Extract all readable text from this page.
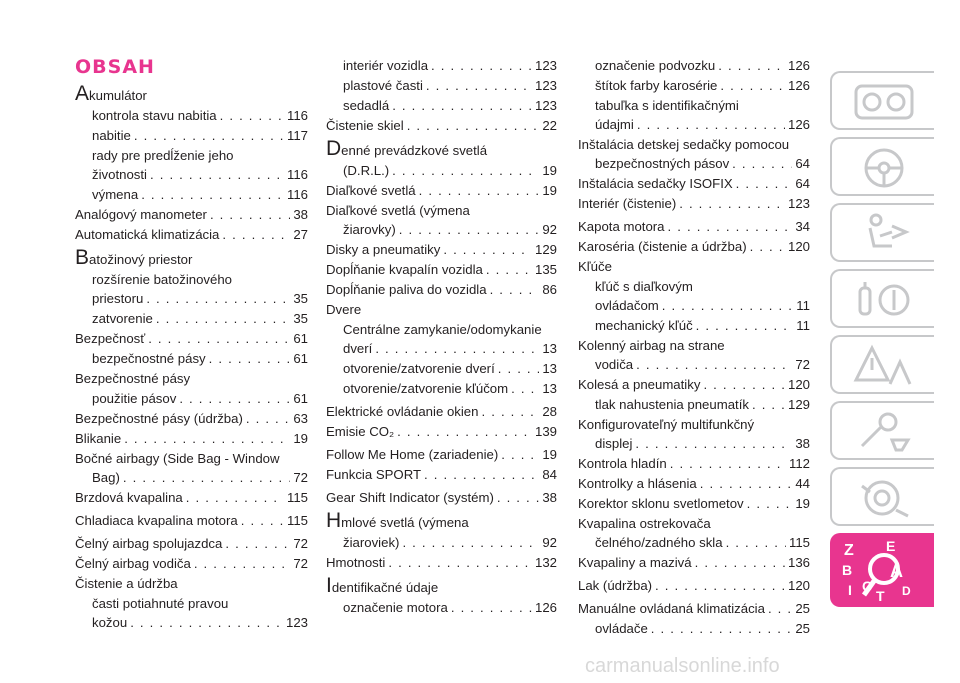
OBSAH
Akumulátor
kontrola stavu nabitia . . .	116
nabitie . . .	117
rady pre predĺženie jeho
životnosti . . .	116
výmena . . .	116
Analógový manometer . . .	38
Automatická klimatizácia . . .	27
Batožinový priestor
rozšírenie batožinového
priestoru . . .	35
zatvorenie . . .	35
Bezpečnosť . . .	61
bezpečnostné pásy . . .	61
Bezpečnostné pásy
použitie pásov . . .	61
Bezpečnostné pásy (údržba) . . .	63
Blikanie . . .	19
Bočné airbagy (Side Bag - Window
Bag) . . .	72
Brzdová kvapalina . . .	115
Chladiaca kvapalina motora . . .	115
Čelný airbag spolujazdca . . .	72
Čelný airbag vodiča . . .	72
Čistenie a údržba
časti potiahnuté pravou
kožou . . .	123
interiér vozidla . . .	123
plastové časti . . .	123
sedadlá . . .	123
Čistenie skiel . . .	22
Denné prevádzkové svetlá
(D.R.L.) . . .	19
Diaľkové svetlá . . .	19
Diaľkové svetlá (výmena
žiarovky) . . .	92
Disky a pneumatiky . . .	129
Dopĺňanie kvapalín vozidla . . .	135
Dopĺňanie paliva do vozidla . . .	86
Dvere
Centrálne zamykanie/odomykanie
dverí . . .	13
otvorenie/zatvorenie dverí . . .	13
otvorenie/zatvorenie kľúčom . . .	13
Elektrické ovládanie okien . . .	28
Emisie CO₂ . . .	139
Follow Me Home (zariadenie) . . .	19
Funkcia SPORT . . .	84
Gear Shift Indicator (systém) . . .	38
Hmlové svetlá (výmena
žiaroviek) . . .	92
Hmotnosti . . .	132
Identifikačné údaje
označenie motora . . .	126
označenie podvozku . . .	126
štítok farby karosérie . . .	126
tabuľka s identifikačnými
údajmi . . .	126
Inštalácia detskej sedačky pomocou
bezpečnostných pásov . . .	64
Inštalácia sedačky ISOFIX . . .	64
Interiér (čistenie) . . .	123
Kapota motora . . .	34
Karoséria (čistenie a údržba) . . .	120
Kľúče
kľúč s diaľkovým
ovládačom . . .	11
mechanický kľúč . . .	11
Kolenný airbag na strane
vodiča . . .	72
Kolesá a pneumatiky . . .	120
tlak nahustenia pneumatík . . .	129
Konfigurovateľný multifunkčný
displej . . .	38
Kontrola hladín . . .	112
Kontrolky a hlásenia . . .	44
Korektor sklonu svetlometov . . .	19
Kvapalina ostrekovača
čelného/zadného skla . . .	115
Kvapaliny a mazivá . . .	136
Lak (údržba) . . .	120
Manuálne ovládaná klimatizácia . . . 25
ovládače . . .	25
Z E
B A
I C
T D
carmanualsonline.info
